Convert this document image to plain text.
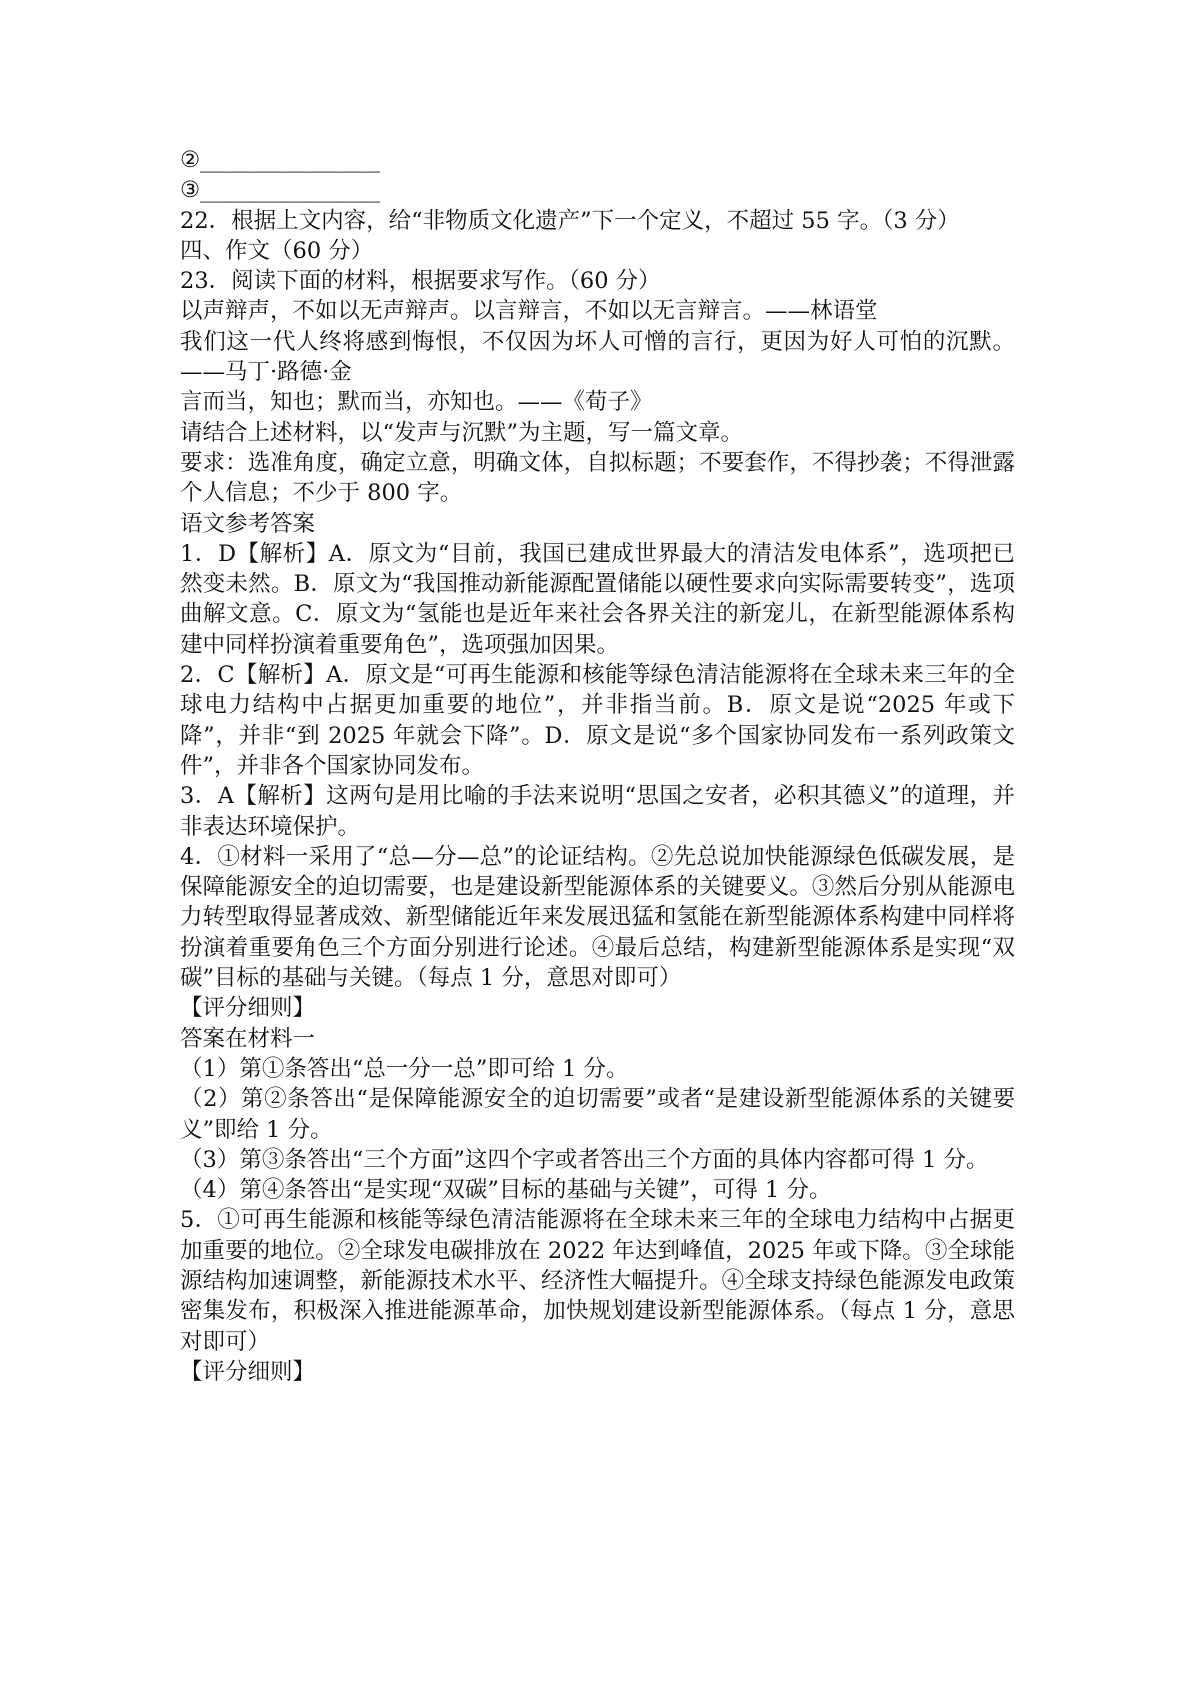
②________________
③________________
22．根据上文内容，给“非物质文化遗产”下一个定义，不超过 55 字。（3 分）
四、作文（60 分）
23．阅读下面的材料，根据要求写作。（60 分）
以声辩声，不如以无声辩声。以言辩言，不如以无言辩言。——林语堂
我们这一代人终将感到悔恨，不仅因为坏人可憎的言行，更因为好人可怕的沉默。——马丁·路德·金
言而当，知也；默而当，亦知也。——《荀子》
请结合上述材料，以“发声与沉默”为主题，写一篇文章。
要求：选准角度，确定立意，明确文体，自拟标题；不要套作，不得抄袭；不得泄露个人信息；不少于 800 字。
语文参考答案
1．D【解析】A．原文为“目前，我国已建成世界最大的清洁发电体系”，选项把已然变未然。B．原文为“我国推动新能源配置储能以硬性要求向实际需要转变”，选项曲解文意。C．原文为“氢能也是近年来社会各界关注的新宠儿，在新型能源体系构建中同样扮演着重要角色”，选项强加因果。
2．C【解析】A．原文是“可再生能源和核能等绿色清洁能源将在全球未来三年的全球电力结构中占据更加重要的地位”，并非指当前。B．原文是说“2025 年或下降”，并非“到 2025 年就会下降”。D．原文是说“多个国家协同发布一系列政策文件”，并非各个国家协同发布。
3．A【解析】这两句是用比喻的手法来说明“思国之安者，必积其德义”的道理，并非表达环境保护。
4．①材料一采用了“总—分—总”的论证结构。②先总说加快能源绿色低碳发展，是保障能源安全的迫切需要，也是建设新型能源体系的关键要义。③然后分别从能源电力转型取得显著成效、新型储能近年来发展迅猛和氢能在新型能源体系构建中同样将扮演着重要角色三个方面分别进行论述。④最后总结，构建新型能源体系是实现“双碳”目标的基础与关键。（每点 1 分，意思对即可）
【评分细则】
答案在材料一
（1）第①条答出“总一分一总”即可给 1 分。
（2）第②条答出“是保障能源安全的迫切需要”或者“是建设新型能源体系的关键要义”即给 1 分。
（3）第③条答出“三个方面”这四个字或者答出三个方面的具体内容都可得 1 分。
（4）第④条答出“是实现“双碳”目标的基础与关键”，可得 1 分。
5．①可再生能源和核能等绿色清洁能源将在全球未来三年的全球电力结构中占据更加重要的地位。②全球发电碳排放在 2022 年达到峰值，2025 年或下降。③全球能源结构加速调整，新能源技术水平、经济性大幅提升。④全球支持绿色能源发电政策密集发布，积极深入推进能源革命，加快规划建设新型能源体系。（每点 1 分，意思对即可）
【评分细则】
